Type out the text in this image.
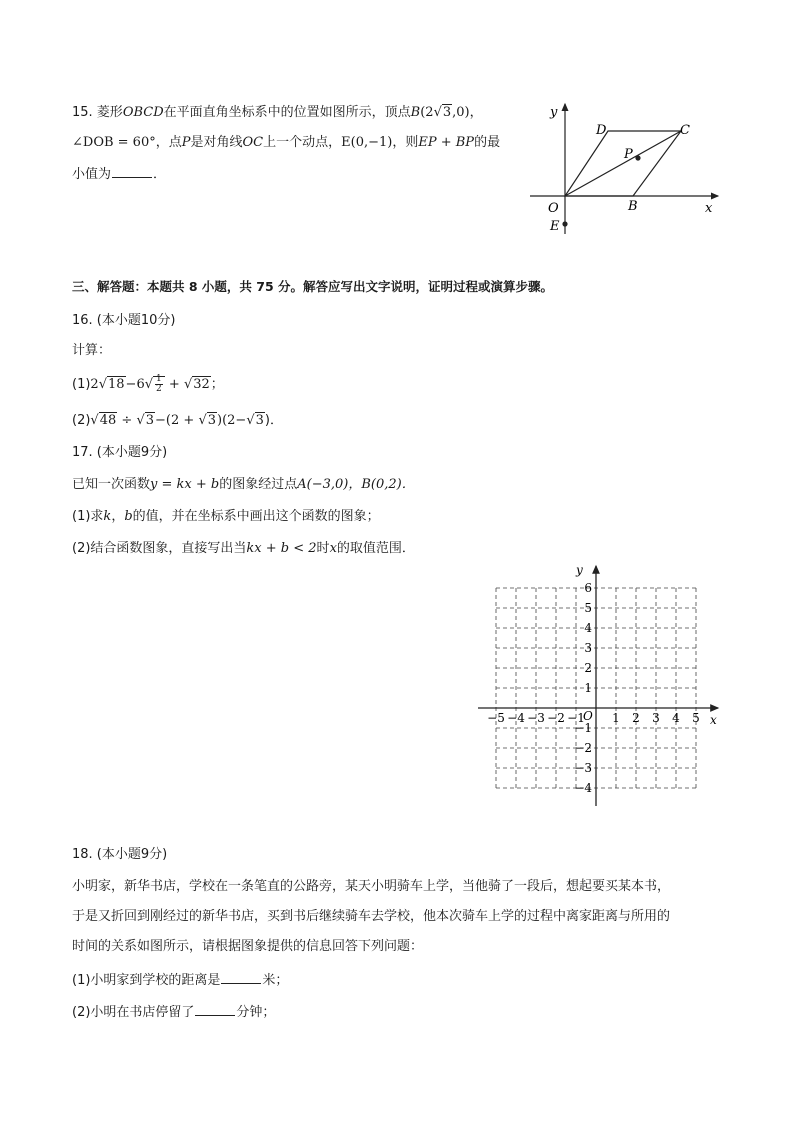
15. 菱形OBCD在平面直角坐标系中的位置如图所示，顶点B(2√3,0)，
∠DOB = 60°，点P是对角线OC上一个动点，E(0,−1)，则EP + BP的最
小值为	．
y
x
O
D	C
P
B
E
三、解答题：本题共 8 小题，共 75 分。解答应写出文字说明，证明过程或演算步骤。
16. (本小题10分)
计算：
$(1)2√18-6√ \frac{1}{2} + √32$；
(2)√48 ÷ √3−(2 + √3)(2−√3)．
17. (本小题9分)
已知一次函数y = kx + b的图象经过点A(−3,0)，B(0,2)．
(1)求k，b的值，并在坐标系中画出这个函数的图象；
(2)结合函数图象，直接写出当kx + b < 2时x的取值范围．
−5 −4 −3 −2 −1 1 2 3 4 5
6
5
4
3
2
1
−1
−2
−3
−4
y
x
O
18. (本小题9分)
小明家，新华书店，学校在一条笔直的公路旁，某天小明骑车上学，当他骑了一段后，想起要买某本书，
于是又折回到刚经过的新华书店，买到书后继续骑车去学校，他本次骑车上学的过程中离家距离与所用的
时间的关系如图所示，请根据图象提供的信息回答下列问题：
(1)小明家到学校的距离是	米；
(2)小明在书店停留了	分钟；
